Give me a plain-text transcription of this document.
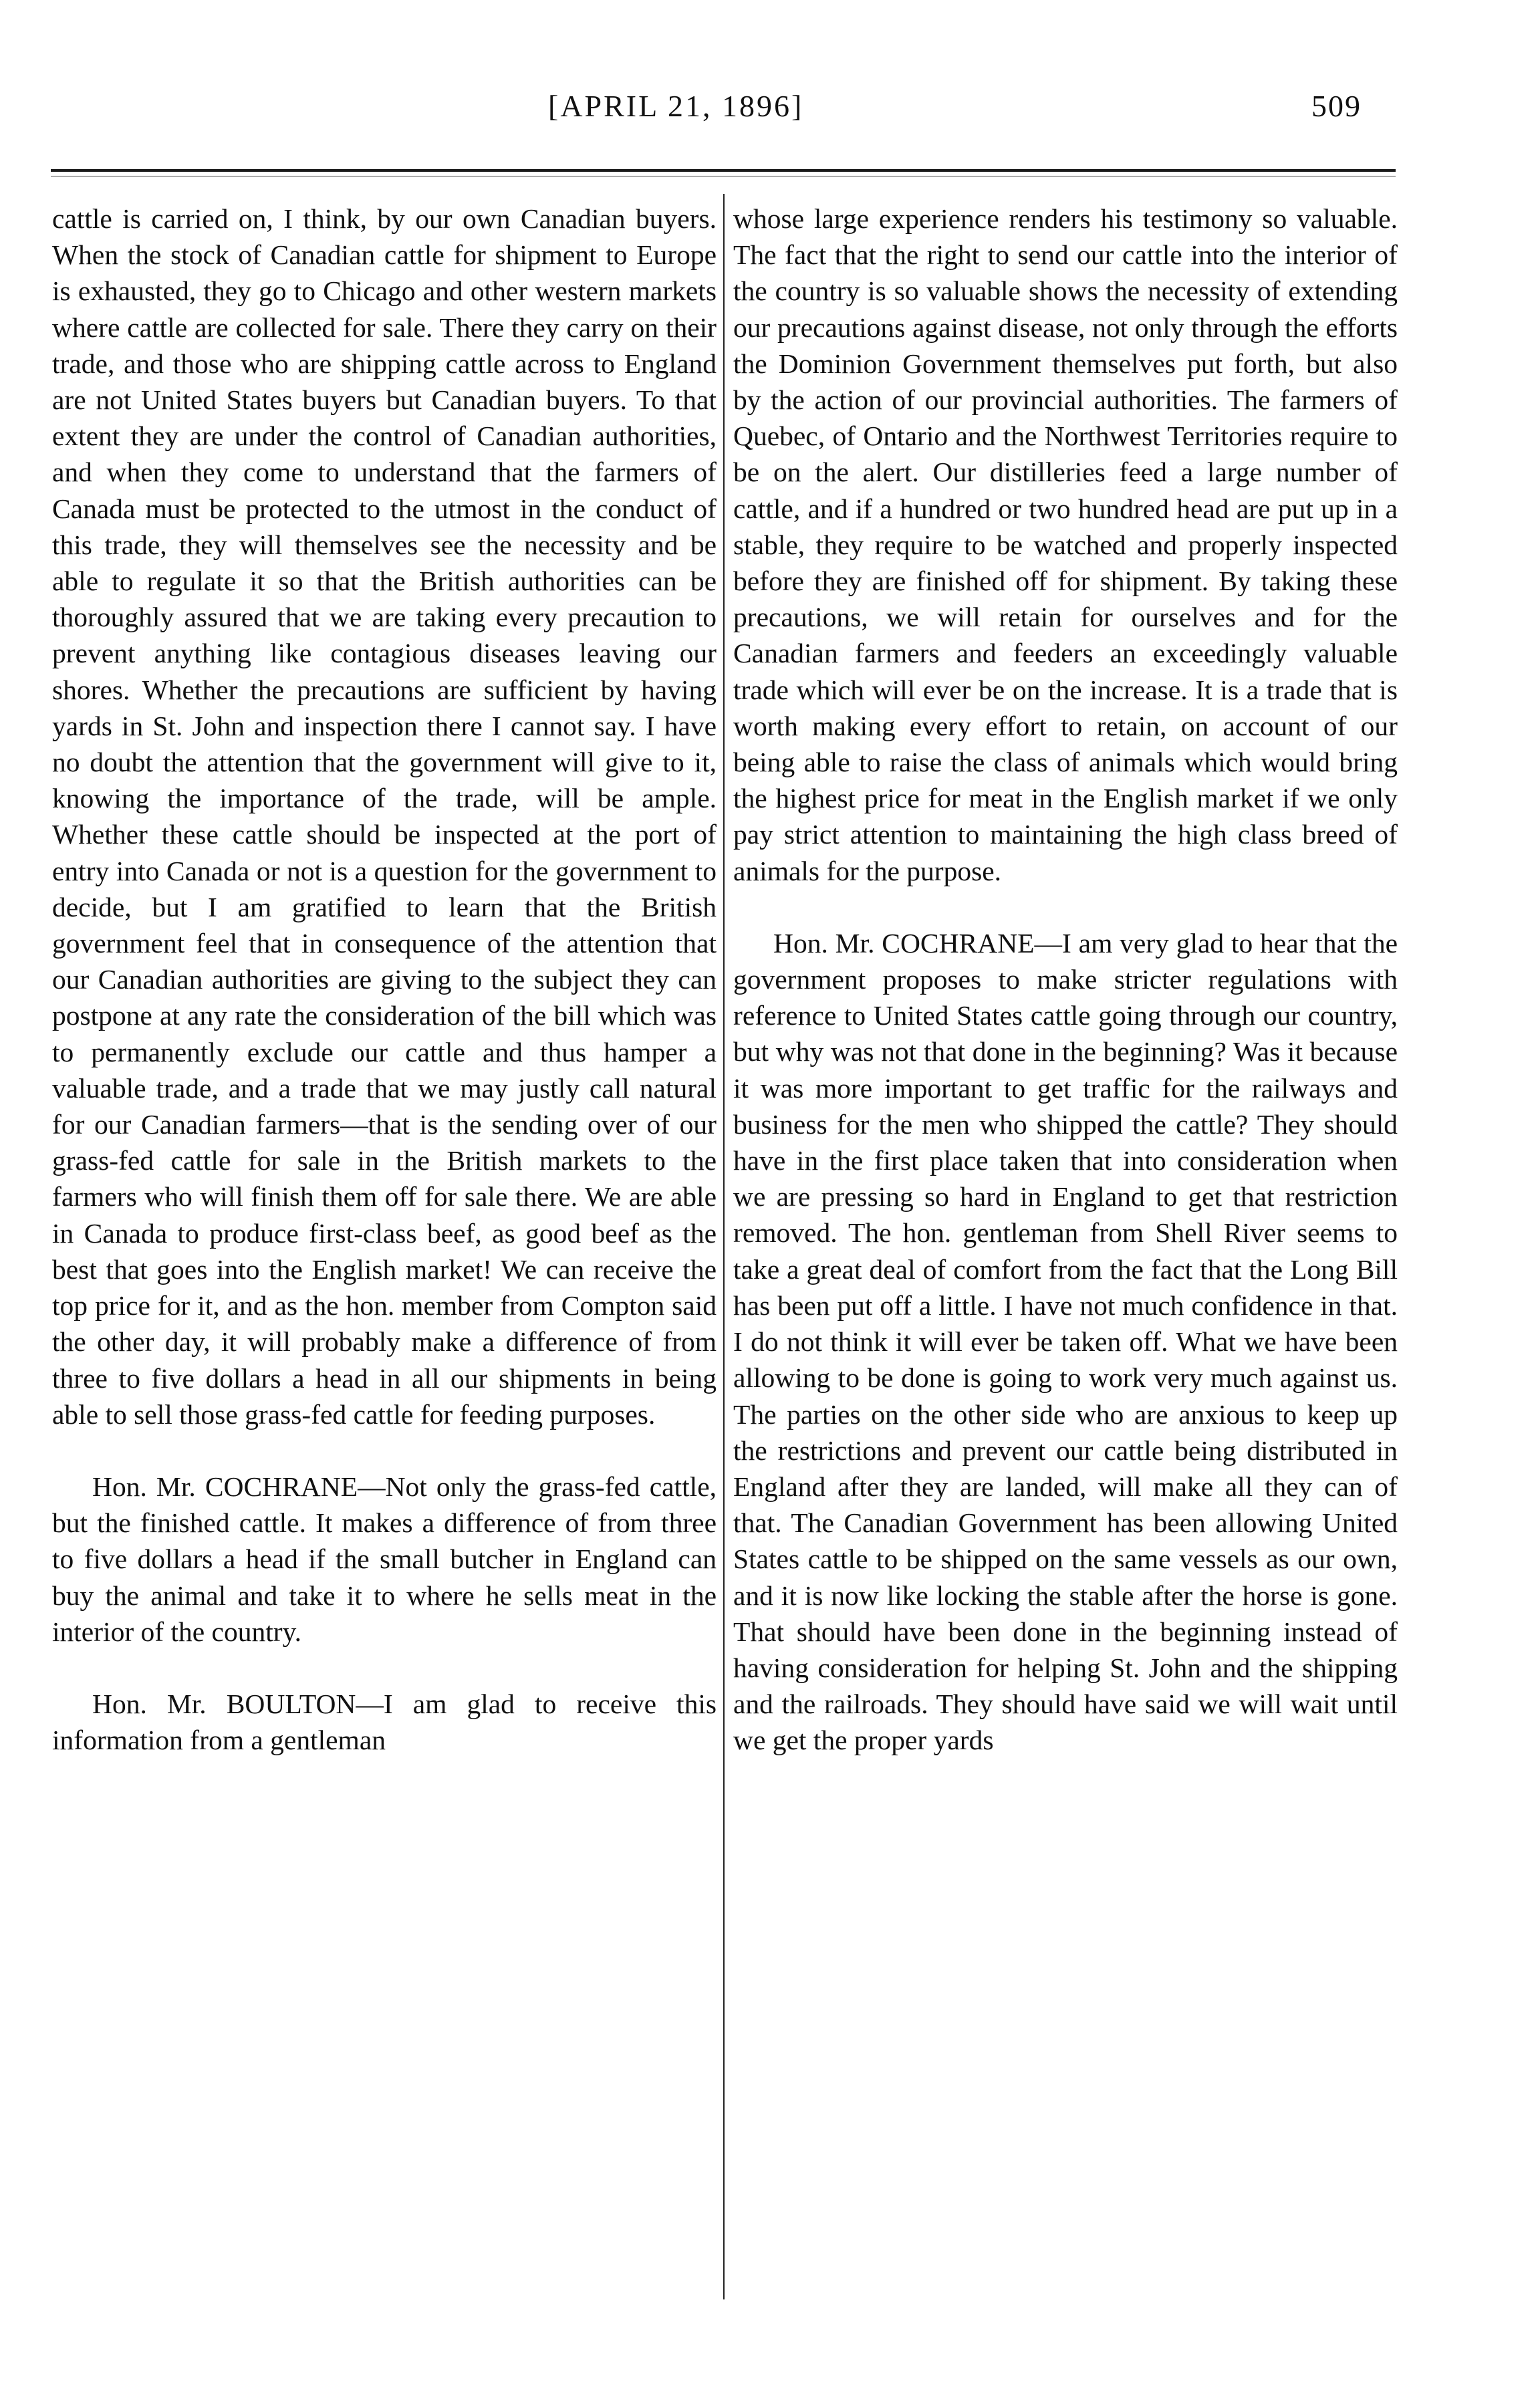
[APRIL 21, 1896]	509

cattle is carried on, I think, by our own Canadian buyers. When the stock of Canadian cattle for shipment to Europe is exhausted, they go to Chicago and other western markets where cattle are collected for sale. There they carry on their trade, and those who are shipping cattle across to England are not United States buyers but Canadian buyers. To that extent they are under the control of Canadian authorities, and when they come to understand that the farmers of Canada must be protected to the utmost in the conduct of this trade, they will themselves see the necessity and be able to regulate it so that the British authorities can be thoroughly assured that we are taking every precaution to prevent anything like contagious diseases leaving our shores. Whether the precautions are sufficient by having yards in St. John and inspection there I cannot say. I have no doubt the attention that the government will give to it, knowing the importance of the trade, will be ample. Whether these cattle should be inspected at the port of entry into Canada or not is a question for the government to decide, but I am gratified to learn that the British government feel that in consequence of the attention that our Canadian authorities are giving to the subject they can postpone at any rate the consideration of the bill which was to permanently exclude our cattle and thus hamper a valuable trade, and a trade that we may justly call natural for our Canadian farmers—that is the sending over of our grass-fed cattle for sale in the British markets to the farmers who will finish them off for sale there. We are able in Canada to produce first-class beef, as good beef as the best that goes into the English market! We can receive the top price for it, and as the hon. member from Compton said the other day, it will probably make a difference of from three to five dollars a head in all our shipments in being able to sell those grass-fed cattle for feeding purposes.

Hon. Mr. COCHRANE—Not only the grass-fed cattle, but the finished cattle. It makes a difference of from three to five dollars a head if the small butcher in England can buy the animal and take it to where he sells meat in the interior of the country.

Hon. Mr. BOULTON—I am glad to receive this information from a gentleman

whose large experience renders his testimony so valuable. The fact that the right to send our cattle into the interior of the country is so valuable shows the necessity of extending our precautions against disease, not only through the efforts the Dominion Government themselves put forth, but also by the action of our provincial authorities. The farmers of Quebec, of Ontario and the Northwest Territories require to be on the alert. Our distilleries feed a large number of cattle, and if a hundred or two hundred head are put up in a stable, they require to be watched and properly inspected before they are finished off for shipment. By taking these precautions, we will retain for ourselves and for the Canadian farmers and feeders an exceedingly valuable trade which will ever be on the increase. It is a trade that is worth making every effort to retain, on account of our being able to raise the class of animals which would bring the highest price for meat in the English market if we only pay strict attention to maintaining the high class breed of animals for the purpose.

Hon. Mr. COCHRANE—I am very glad to hear that the government proposes to make stricter regulations with reference to United States cattle going through our country, but why was not that done in the beginning? Was it because it was more important to get traffic for the railways and business for the men who shipped the cattle? They should have in the first place taken that into consideration when we are pressing so hard in England to get that restriction removed. The hon. gentleman from Shell River seems to take a great deal of comfort from the fact that the Long Bill has been put off a little. I have not much confidence in that. I do not think it will ever be taken off. What we have been allowing to be done is going to work very much against us. The parties on the other side who are anxious to keep up the restrictions and prevent our cattle being distributed in England after they are landed, will make all they can of that. The Canadian Government has been allowing United States cattle to be shipped on the same vessels as our own, and it is now like locking the stable after the horse is gone. That should have been done in the beginning instead of having consideration for helping St. John and the shipping and the railroads. They should have said we will wait until we get the proper yards
